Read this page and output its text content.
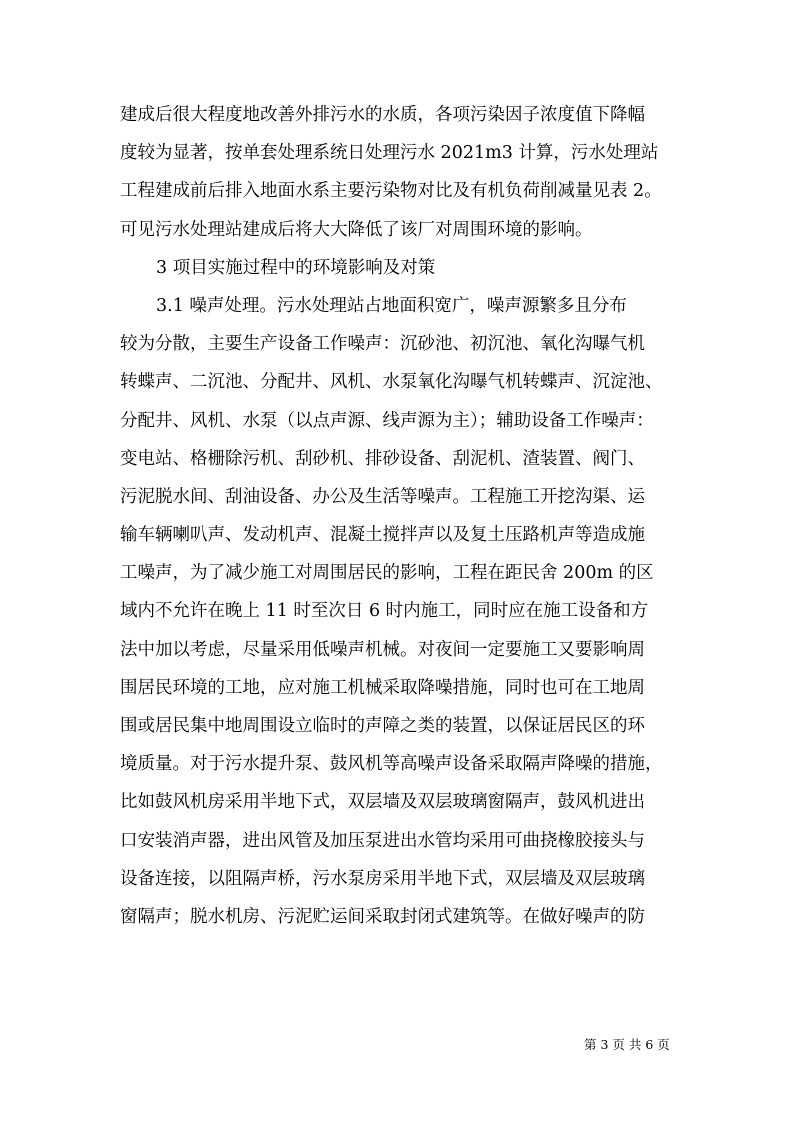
建成后很大程度地改善外排污水的水质，各项污染因子浓度值下降幅
度较为显著，按单套处理系统日处理污水 2021m3 计算，污水处理站
工程建成前后排入地面水系主要污染物对比及有机负荷削减量见表 2。
可见污水处理站建成后将大大降低了该厂对周围环境的影响。
3 项目实施过程中的环境影响及对策
3.1 噪声处理。污水处理站占地面积宽广，噪声源繁多且分布
较为分散，主要生产设备工作噪声：沉砂池、初沉池、氧化沟曝气机
转蝶声、二沉池、分配井、风机、水泵氧化沟曝气机转蝶声、沉淀池、
分配井、风机、水泵（以点声源、线声源为主）；辅助设备工作噪声：
变电站、格栅除污机、刮砂机、排砂设备、刮泥机、渣装置、阀门、
污泥脱水间、刮油设备、办公及生活等噪声。工程施工开挖沟渠、运
输车辆喇叭声、发动机声、混凝土搅拌声以及复土压路机声等造成施
工噪声，为了减少施工对周围居民的影响，工程在距民舍 200m 的区
域内不允许在晚上 11 时至次日 6 时内施工，同时应在施工设备和方
法中加以考虑，尽量采用低噪声机械。对夜间一定要施工又要影响周
围居民环境的工地，应对施工机械采取降噪措施，同时也可在工地周
围或居民集中地周围设立临时的声障之类的装置，以保证居民区的环
境质量。对于污水提升泵、鼓风机等高噪声设备采取隔声降噪的措施，
比如鼓风机房采用半地下式，双层墙及双层玻璃窗隔声，鼓风机进出
口安装消声器，进出风管及加压泵进出水管均采用可曲挠橡胶接头与
设备连接，以阻隔声桥，污水泵房采用半地下式，双层墙及双层玻璃
窗隔声；脱水机房、污泥贮运间采取封闭式建筑等。在做好噪声的防
第 3 页 共 6 页
